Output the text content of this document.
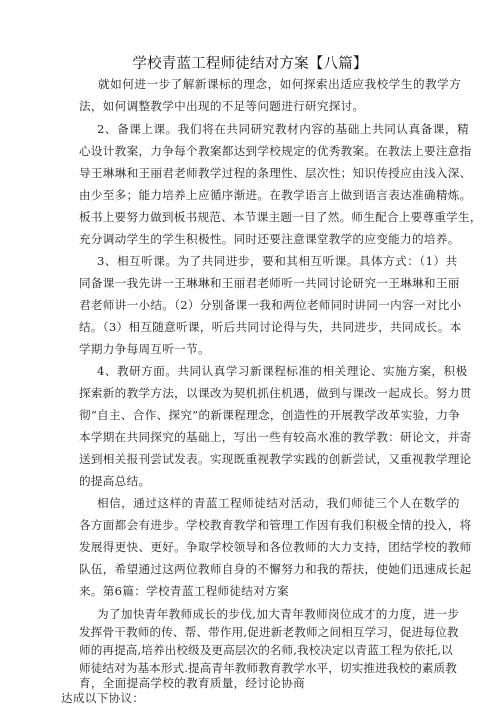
学校青蓝工程师徒结对方案【八篇】
就如何进一步了解新课标的理念，如何探索出适应我校学生的教学方
法，如何调整教学中出现的不足等问题进行研究探讨。
2、备课上课。我们将在共同研究教材内容的基础上共同认真备课，精
心设计教案，力争每个教案都达到学校规定的优秀教案。在教法上要注意指
导王琳琳和王丽君老师教学过程的条理性、层次性；知识传授应由浅入深、
由少至多；能力培养上应循序渐进。在教学语言上做到语言表达准确精炼。
板书上要努力做到板书规范、本节课主题一目了然。师生配合上要尊重学生，
充分调动学生的学生积极性。同时还要注意课堂教学的应变能力的培养。
3、相互听课。为了共同进步，要和其相互听课。具体方式：（1）共
同备课一我先讲一王琳琳和王丽君老师听一共同讨论研究一王琳琳和王丽
君老师讲一小结。（2）分别备课一我和两位老师同时讲同一内容一对比小
结。（3）相互随意听课，听后共同讨论得与失，共同进步，共同成长。本
学期力争每周互听一节。
4、教研方面。共同认真学习新课程标准的相关理论、实施方案，积极
探索新的教学方法，以课改为契机抓住机遇，做到与课改一起成长。努力贯
彻“自主、合作、探究”的新课程理念，创造性的开展教学改革实验，力争
本学期在共同探究的基础上，写出一些有较高水准的教学教：研论文，并寄
送到相关报刊尝试发表。实现既重视教学实践的创新尝试，又重视教学理论
的提高总结。
相信，通过这样的青蓝工程师徒结对活动，我们师徒三个人在数学的
各方面都会有进步。学校教育教学和管理工作因有我们积极全情的投入，将
发展得更快、更好。争取学校领导和各位教师的大力支持，团结学校的教师
队伍，希望通过这两位教师自身的不懈努力和我的帮扶，使她们迅速成长起
来。第6篇：学校青蓝工程师徒结对方案
为了加快青年教师成长的步伐,加大青年教师岗位成才的力度，进一步
发挥骨干教师的传、帮、带作用,促进新老教师之间相互学习，促进每位教
师的再提高,培养出校级及更高层次的名师,我校决定以青蓝工程为依托,以
师徒结对为基本形式.提高青年教师教育教学水平，切实推进我校的素质教
育，全面提高学校的教育质量，经讨论协商
达成以下协议：
